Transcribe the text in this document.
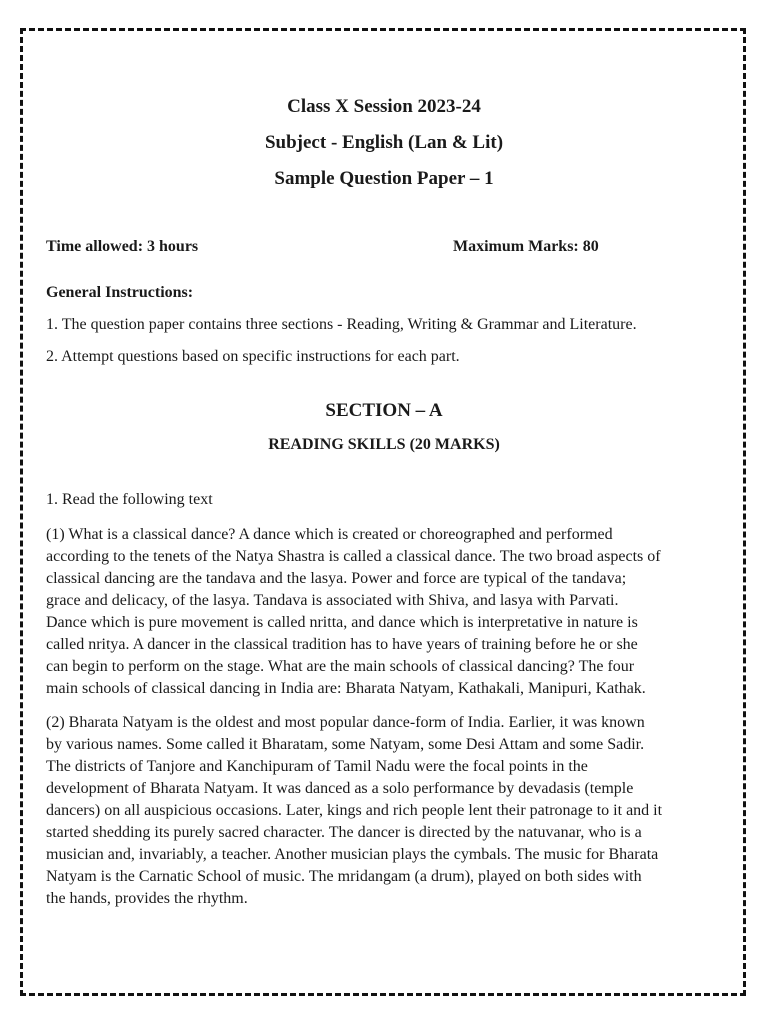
Class X Session 2023-24
Subject - English (Lan & Lit)
Sample Question Paper – 1
Time allowed: 3 hours	Maximum Marks: 80
General Instructions:
1. The question paper contains three sections - Reading, Writing & Grammar and Literature.
2. Attempt questions based on specific instructions for each part.
SECTION – A
READING SKILLS (20 MARKS)
1. Read the following text
(1) What is a classical dance? A dance which is created or choreographed and performed
according to the tenets of the Natya Shastra is called a classical dance. The two broad aspects of
classical dancing are the tandava and the lasya. Power and force are typical of the tandava;
grace and delicacy, of the lasya. Tandava is associated with Shiva, and lasya with Parvati.
Dance which is pure movement is called nritta, and dance which is interpretative in nature is
called nritya. A dancer in the classical tradition has to have years of training before he or she
can begin to perform on the stage. What are the main schools of classical dancing? The four
main schools of classical dancing in India are: Bharata Natyam, Kathakali, Manipuri, Kathak.
(2) Bharata Natyam is the oldest and most popular dance-form of India. Earlier, it was known
by various names. Some called it Bharatam, some Natyam, some Desi Attam and some Sadir.
The districts of Tanjore and Kanchipuram of Tamil Nadu were the focal points in the
development of Bharata Natyam. It was danced as a solo performance by devadasis (temple
dancers) on all auspicious occasions. Later, kings and rich people lent their patronage to it and it
started shedding its purely sacred character. The dancer is directed by the natuvanar, who is a
musician and, invariably, a teacher. Another musician plays the cymbals. The music for Bharata
Natyam is the Carnatic School of music. The mridangam (a drum), played on both sides with
the hands, provides the rhythm.
